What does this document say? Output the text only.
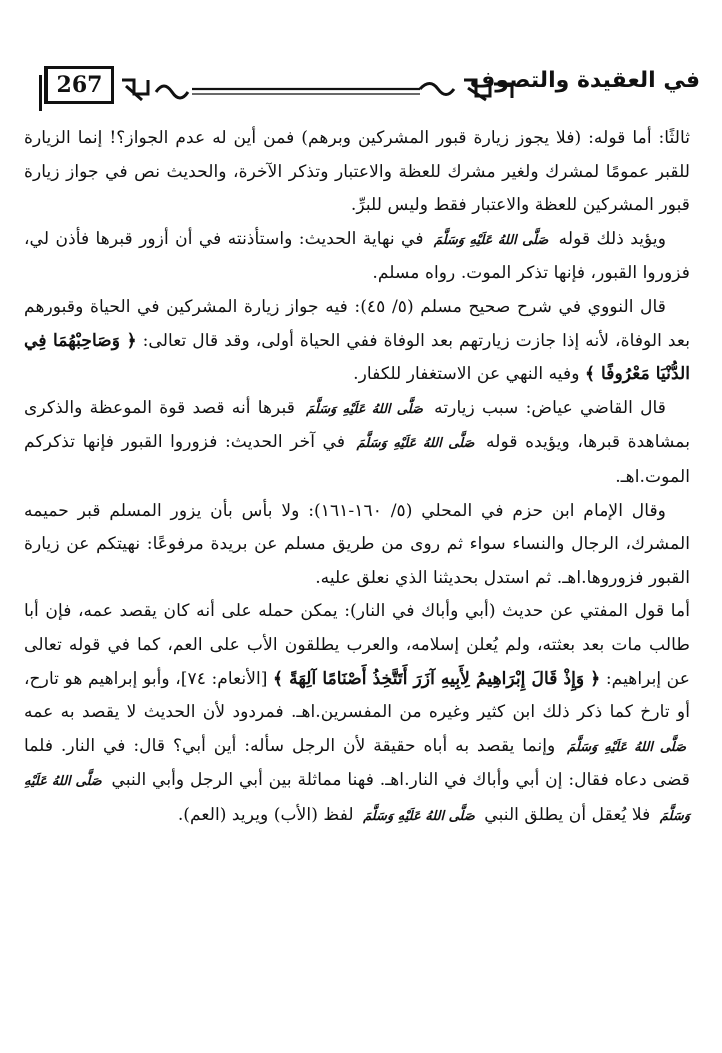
267	في العقيدة والتصوف

ثالثًا: أما قوله: (فلا يجوز زيارة قبور المشركين وبرهم) فمن أين له عدم الجواز؟! إنما الزيارة للقبر عمومًا لمشرك ولغير مشرك للعظة والاعتبار وتذكر الآخرة، والحديث نص في جواز زيارة قبور المشركين للعظة والاعتبار فقط وليس للبرِّ.

ويؤيد ذلك قوله صَلَّى اللهُ عَلَيْهِ وَسَلَّمَ في نهاية الحديث: واستأذنته في أن أزور قبرها فأذن لي، فزوروا القبور، فإنها تذكر الموت. رواه مسلم.

قال النووي في شرح صحيح مسلم (٥/ ٤٥): فيه جواز زيارة المشركين في الحياة وقبورهم بعد الوفاة، لأنه إذا جازت زيارتهم بعد الوفاة ففي الحياة أولى، وقد قال تعالى: ﴿ وَصَاحِبْهُمَا فِي الدُّنْيَا مَعْرُوفًا ﴾ وفيه النهي عن الاستغفار للكفار.

قال القاضي عياض: سبب زيارته صَلَّى اللهُ عَلَيْهِ وَسَلَّمَ قبرها أنه قصد قوة الموعظة والذكرى بمشاهدة قبرها، ويؤيده قوله صَلَّى اللهُ عَلَيْهِ وَسَلَّمَ في آخر الحديث: فزوروا القبور فإنها تذكركم الموت.اهـ.

وقال الإمام ابن حزم في المحلي (٥/ ١٦٠-١٦١): ولا بأس بأن يزور المسلم قبر حميمه المشرك، الرجال والنساء سواء ثم روى من طريق مسلم عن بريدة مرفوعًا: نهيتكم عن زيارة القبور فزوروها.اهـ. ثم استدل بحديثنا الذي نعلق عليه.

أما قول المفتي عن حديث (أبي وأباك في النار): يمكن حمله على أنه كان يقصد عمه، فإن أبا طالب مات بعد بعثته، ولم يُعلن إسلامه، والعرب يطلقون الأب على العم، كما في قوله تعالى عن إبراهيم: ﴿ وَإِذْ قَالَ إِبْرَاهِيمُ لِأَبِيهِ آزَرَ أَتَتَّخِذُ أَصْنَامًا آلِهَةً ﴾ [الأنعام: ٧٤]، وأبو إبراهيم هو تارح، أو تارخ كما ذكر ذلك ابن كثير وغيره من المفسرين.اهـ. فمردود لأن الحديث لا يقصد به عمه صَلَّى اللهُ عَلَيْهِ وَسَلَّمَ وإنما يقصد به أباه حقيقة لأن الرجل سأله: أين أبي؟ قال: في النار. فلما قضى دعاه فقال: إن أبي وأباك في النار.اهـ. فهنا مماثلة بين أبي الرجل وأبي النبي صَلَّى اللهُ عَلَيْهِ وَسَلَّمَ فلا يُعقل أن يطلق النبي صَلَّى اللهُ عَلَيْهِ وَسَلَّمَ لفظ (الأب) ويريد (العم).
